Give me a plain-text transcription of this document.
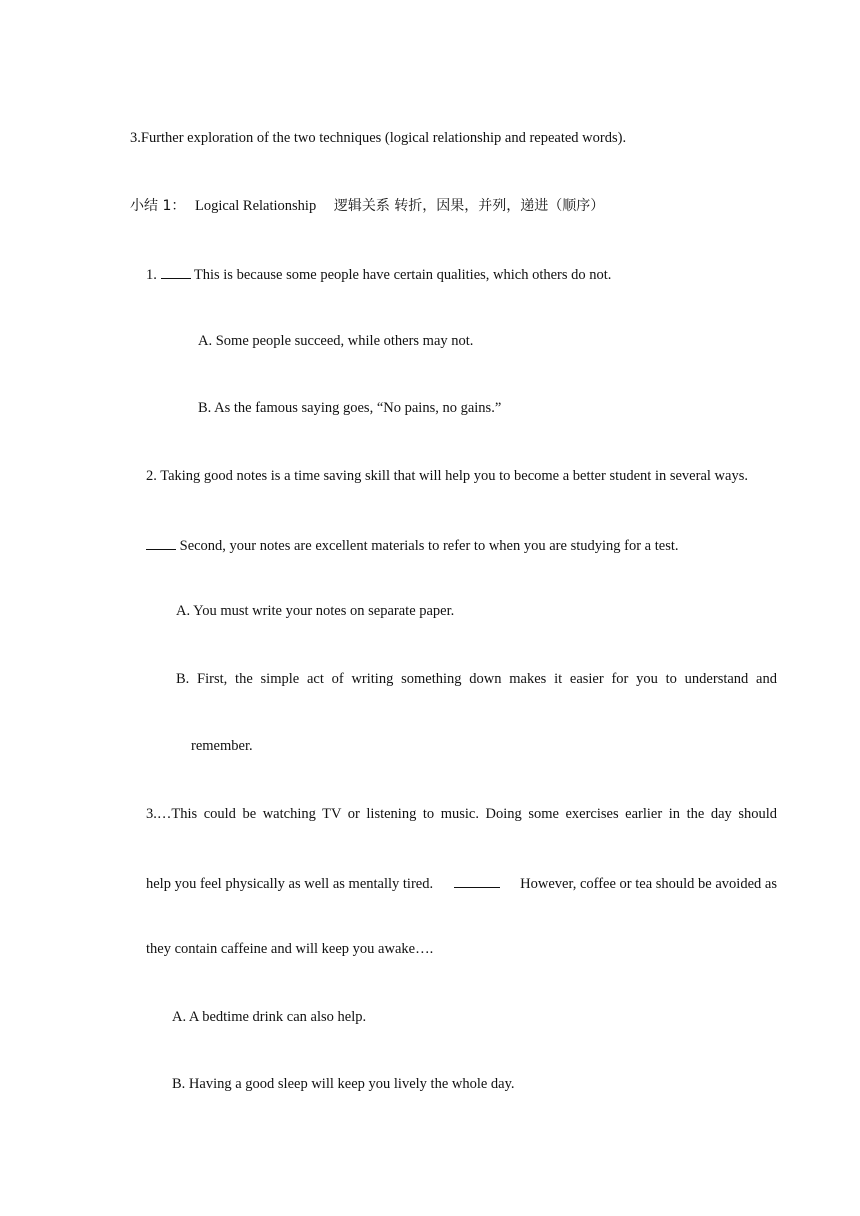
3.Further exploration of the two techniques (logical relationship and repeated words).
小结 1： Logical Relationship 逻辑关系 转折，因果，并列，递进（顺序）
1.	This is because some people have certain qualities, which others do not.
A. Some people succeed, while others may not.
B. As the famous saying goes, “No pains, no gains.”
2. Taking good notes is a time saving skill that will help you to become a better student in several ways.
Second, your notes are excellent materials to refer to when you are studying for a test.
A. You must write your notes on separate paper.
B. First, the simple act of writing something down makes it easier for you to understand and
remember.
3.…This could be watching TV or listening to music. Doing some exercises earlier in the day should
help you feel physically as well as mentally tired.	However, coffee or tea should be avoided as
they contain caffeine and will keep you awake….
A. A bedtime drink can also help.
B. Having a good sleep will keep you lively the whole day.
